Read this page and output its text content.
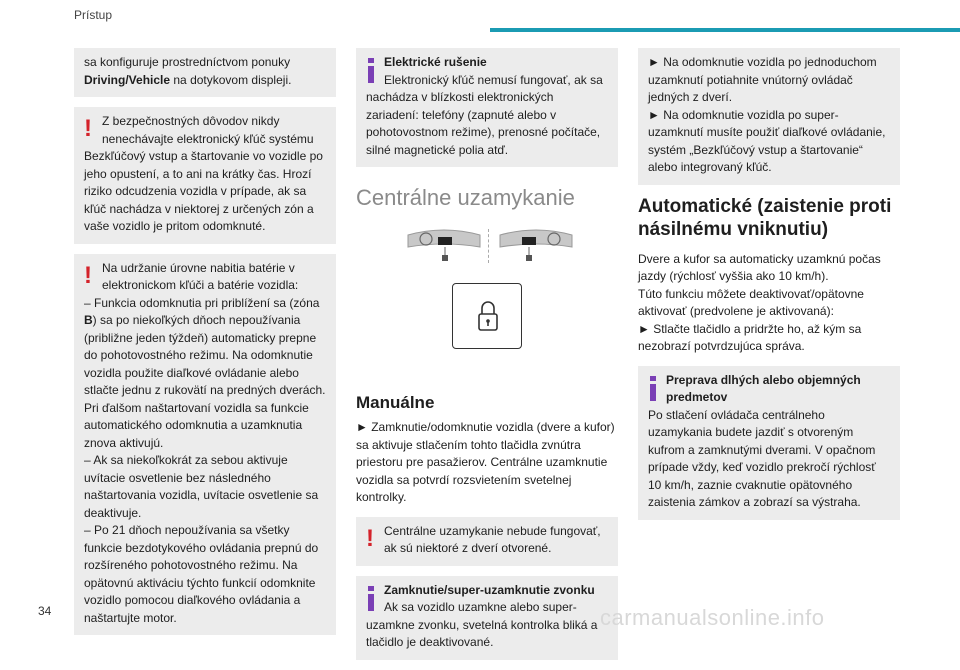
Prístup

sa konfiguruje prostredníctvom ponuky
Driving/Vehicle na dotykovom displeji.

! Z bezpečnostných dôvodov nikdy

nenechávajte elektronický kľúč systému

Bezkľúčový vstup a štartovanie vo vozidle po jeho opustení, a to ani na krátky čas. Hrozí riziko odcudzenia vozidla v prípade, ak sa kľúč nachádza v niektorej z určených zón a vaše vozidlo je pritom odomknuté.

! Na udržanie úrovne nabitia batérie v

elektronickom kľúči a batérie vozidla:

– Funkcia odomknutia pri priblížení sa (zóna B) sa po niekoľkých dňoch nepoužívania (približne jeden týždeň) automaticky prepne do pohotovostného režimu. Na odomknutie vozidla použite diaľkové ovládanie alebo stlačte jednu z rukovätí na predných dverách. Pri ďalšom naštartovaní vozidla sa funkcie automatického odomknutia a uzamknutia znova aktivujú.

– Ak sa niekoľkokrát za sebou aktivuje uvítacie osvetlenie bez následného naštartovania vozidla, uvítacie osvetlenie sa deaktivuje.

– Po 21 dňoch nepoužívania sa všetky funkcie bezdotykového ovládania prepnú do rozšíreného pohotovostného režimu. Na opätovnú aktiváciu týchto funkcií odomknite vozidlo pomocou diaľkového ovládania a naštartujte motor.

Elektrické rušenie

Elektronický kľúč nemusí fungovať, ak sa nachádza v blízkosti elektronických zariadení: telefóny (zapnuté alebo v pohotovostnom režime), prenosné počítače, silné magnetické polia atď.

Centrálne uzamykanie
Manuálne

► Zamknutie/odomknutie vozidla (dvere a kufor) sa aktivuje stlačením tohto tlačidla zvnútra priestoru pre pasažierov. Centrálne uzamknutie vozidla sa potvrdí rozsvietením svetelnej kontrolky.

! Centrálne uzamykanie nebude fungovať, ak sú niektoré z dverí otvorené.

Zamknutie/super-uzamknutie zvonku

Ak sa vozidlo uzamkne alebo super-uzamkne zvonku, svetelná kontrolka bliká a tlačidlo je deaktivované.

► Na odomknutie vozidla po jednoduchom uzamknutí potiahnite vnútorný ovládač jedných z dverí.

► Na odomknutie vozidla po super-uzamknutí musíte použiť diaľkové ovládanie, systém „Bezkľúčový vstup a štartovanie“ alebo integrovaný kľúč.

Automatické (zaistenie proti násilnému vniknutiu)

Dvere a kufor sa automaticky uzamknú počas jazdy (rýchlosť vyššia ako 10 km/h).

Túto funkciu môžete deaktivovať/opätovne aktivovať (predvolene je aktivovaná):

► Stlačte tlačidlo a pridržte ho, až kým sa nezobrazí potvrdzujúca správa.

Preprava dlhých alebo objemných predmetov

Po stlačení ovládača centrálneho uzamykania budete jazdiť s otvoreným kufrom a zamknutými dverami. V opačnom prípade vždy, keď vozidlo prekročí rýchlosť 10 km/h, zaznie cvaknutie opätovného zaistenia zámkov a zobrazí sa výstraha.

34	carmanualsonline.info
